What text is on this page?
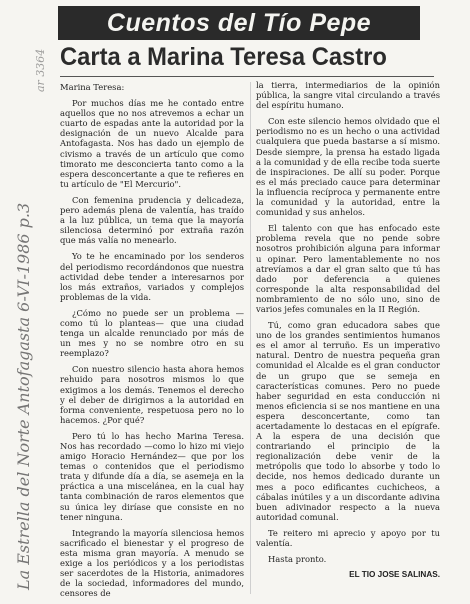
Cuentos del Tío Pepe
Carta a Marina Teresa Castro
La Estrella del Norte Antofagasta 6-VI-1986 p.3
ar 3364	Marina Teresa:

Por muchos días me he contado entre aquellos que no nos atrevemos a echar un cuarto de espadas ante la autoridad por la designación de un nuevo Alcalde para Antofagasta. Nos has dado un ejemplo de civismo a través de un artículo que como timorato me desconcierta tanto como a la espera desconcertante a que te refieres en tu artículo de "El Mercurio".

Con femenina prudencia y delicadeza, pero además plena de valentía, has traído a la luz pública, un tema que la mayoría silenciosa determinó por extraña razón que más valía no menearlo.

Yo te he encaminado por los senderos del periodismo recordándonos que nuestra actividad debe tender a interesarnos por los más extraños, variados y complejos problemas de la vida.

¿Cómo no puede ser un problema —como tú lo planteas— que una ciudad tenga un alcalde renunciado por más de un mes y no se nombre otro en su reemplazo?

Con nuestro silencio hasta ahora hemos rehuido para nosotros mismos lo que exigimos a los demás. Tenemos el derecho y el deber de dirigirnos a la autoridad en forma conveniente, respetuosa pero no lo hacemos. ¿Por qué?

Pero tú lo has hecho Marina Teresa. Nos has recordado —como lo hizo mi viejo amigo Horacio Hernández— que por los temas o contenidos que el periodismo trata y difunde día a día, se asemeja en la práctica a una miscelánea, en la cual hay tanta combinación de raros elementos que su única ley diríase que consiste en no tener ninguna.

Integrando la mayoría silenciosa hemos sacrificado el bienestar y el progreso de esta misma gran mayoría. A menudo se exige a los periódicos y a los periodistas ser sacerdotes de la Historia, animadores de la sociedad, informadores del mundo, censores de

la tierra, intermediarios de la opinión pública, la sangre vital circulando a través del espíritu humano.

Con este silencio hemos olvidado que el periodismo no es un hecho o una actividad cualquiera que pueda bastarse a sí mismo. Desde siempre, la prensa ha estado ligada a la comunidad y de ella recibe toda suerte de inspiraciones. De allí su poder. Porque es el más preciado cauce para determinar la influencia recíproca y permanente entre la comunidad y la autoridad, entre la comunidad y sus anhelos.

El talento con que has enfocado este problema revela que no pende sobre nosotros prohibición alguna para informar u opinar. Pero lamentablemente no nos atrevíamos a dar el gran salto que tú has dado por deferencia a quienes corresponde la alta responsabilidad del nombramiento de no sólo uno, sino de varios jefes comunales en la II Región.

Tú, como gran educadora sabes que uno de los grandes sentimientos humanos es el amor al terruño. Es un imperativo natural. Dentro de nuestra pequeña gran comunidad el Alcalde es el gran conductor de un grupo que se semeja en características comunes. Pero no puede haber seguridad en esta conducción ni menos eficiencia si se nos mantiene en una espera desconcertante, como tan acertadamente lo destacas en el epígrafe. A la espera de una decisión que contrariando el principio de la regionalización debe venir de la metrópolis que todo lo absorbe y todo lo decide, nos hemos dedicado durante un mes a poco edificantes cuchicheos, a cábalas inútiles y a un discordante adivina buen adivinador respecto a la nueva autoridad comunal.

Te reitero mi aprecio y apoyo por tu valentía.

Hasta pronto.

EL TIO JOSE SALINAS.
